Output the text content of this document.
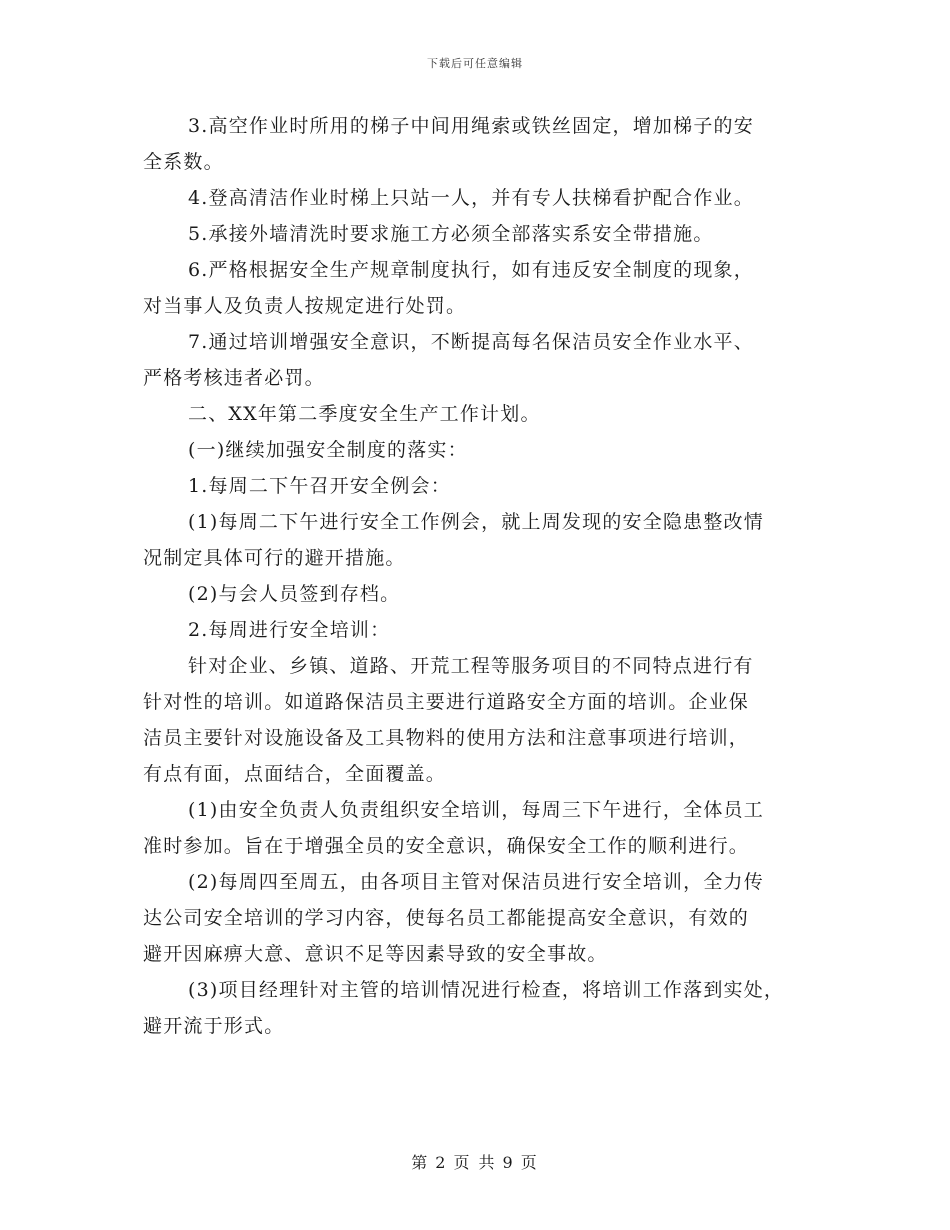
下载后可任意编辑

3.高空作业时所用的梯子中间用绳索或铁丝固定，增加梯子的安
全系数。

4.登高清洁作业时梯上只站一人，并有专人扶梯看护配合作业。

5.承接外墙清洗时要求施工方必须全部落实系安全带措施。

6.严格根据安全生产规章制度执行，如有违反安全制度的现象，
对当事人及负责人按规定进行处罚。

7.通过培训增强安全意识，不断提高每名保洁员安全作业水平、
严格考核违者必罚。

二、XX年第二季度安全生产工作计划。

(一)继续加强安全制度的落实：

1.每周二下午召开安全例会：

(1)每周二下午进行安全工作例会，就上周发现的安全隐患整改情
况制定具体可行的避开措施。

(2)与会人员签到存档。

2.每周进行安全培训：

针对企业、乡镇、道路、开荒工程等服务项目的不同特点进行有
针对性的培训。如道路保洁员主要进行道路安全方面的培训。企业保
洁员主要针对设施设备及工具物料的使用方法和注意事项进行培训，
有点有面，点面结合，全面覆盖。

(1)由安全负责人负责组织安全培训，每周三下午进行，全体员工
准时参加。旨在于增强全员的安全意识，确保安全工作的顺利进行。

(2)每周四至周五，由各项目主管对保洁员进行安全培训，全力传
达公司安全培训的学习内容，使每名员工都能提高安全意识，有效的
避开因麻痹大意、意识不足等因素导致的安全事故。

(3)项目经理针对主管的培训情况进行检查，将培训工作落到实处，
避开流于形式。

第 2 页 共 9 页
